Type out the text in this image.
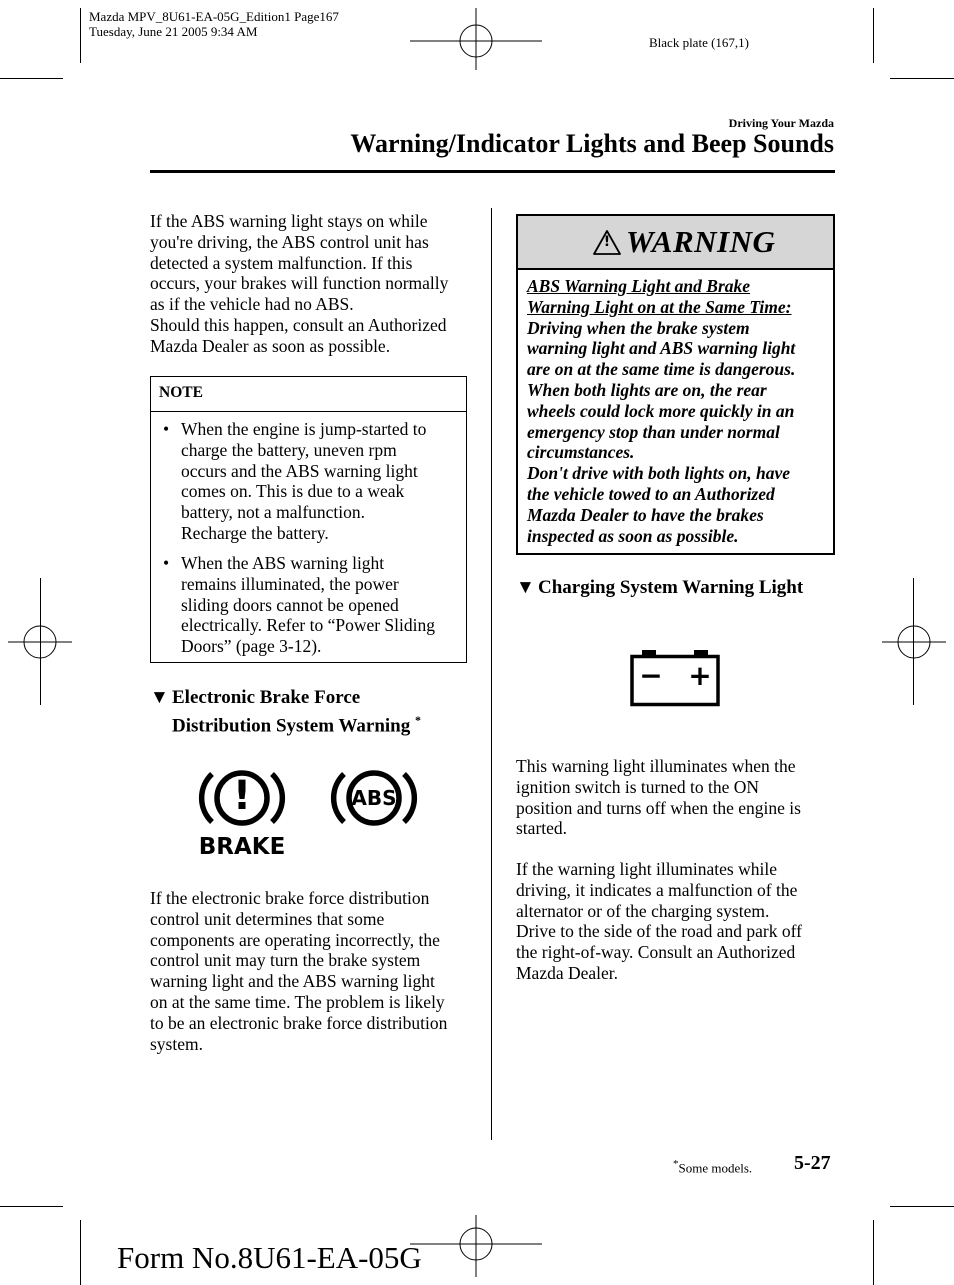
Mazda MPV_8U61-EA-05G_Edition1 Page167
Tuesday, June 21 2005 9:34 AM
Black plate (167,1)
Driving Your Mazda
Warning/Indicator Lights and Beep Sounds
If the ABS warning light stays on while
you're driving, the ABS control unit has
detected a system malfunction. If this
occurs, your brakes will function normally
as if the vehicle had no ABS.
Should this happen, consult an Authorized
Mazda Dealer as soon as possible.
NOTE
• When the engine is jump-started to
charge the battery, uneven rpm
occurs and the ABS warning light
comes on. This is due to a weak
battery, not a malfunction.
Recharge the battery.
• When the ABS warning light
remains illuminated, the power
sliding doors cannot be opened
electrically. Refer to “Power Sliding
Doors” (page 3-12).
▼ Electronic Brake Force
Distribution System Warning *
!
BRAKE
ABS
If the electronic brake force distribution
control unit determines that some
components are operating incorrectly, the
control unit may turn the brake system
warning light and the ABS warning light
on at the same time. The problem is likely
to be an electronic brake force distribution
system.
! WARNING
ABS Warning Light and Brake
Warning Light on at the Same Time:
Driving when the brake system
warning light and ABS warning light
are on at the same time is dangerous.
When both lights are on, the rear
wheels could lock more quickly in an
emergency stop than under normal
circumstances.
Don't drive with both lights on, have
the vehicle towed to an Authorized
Mazda Dealer to have the brakes
inspected as soon as possible.
▼ Charging System Warning Light
− +
This warning light illuminates when the
ignition switch is turned to the ON
position and turns off when the engine is
started.
If the warning light illuminates while
driving, it indicates a malfunction of the
alternator or of the charging system.
Drive to the side of the road and park off
the right-of-way. Consult an Authorized
Mazda Dealer.
*Some models. 5-27
Form No.8U61-EA-05G
